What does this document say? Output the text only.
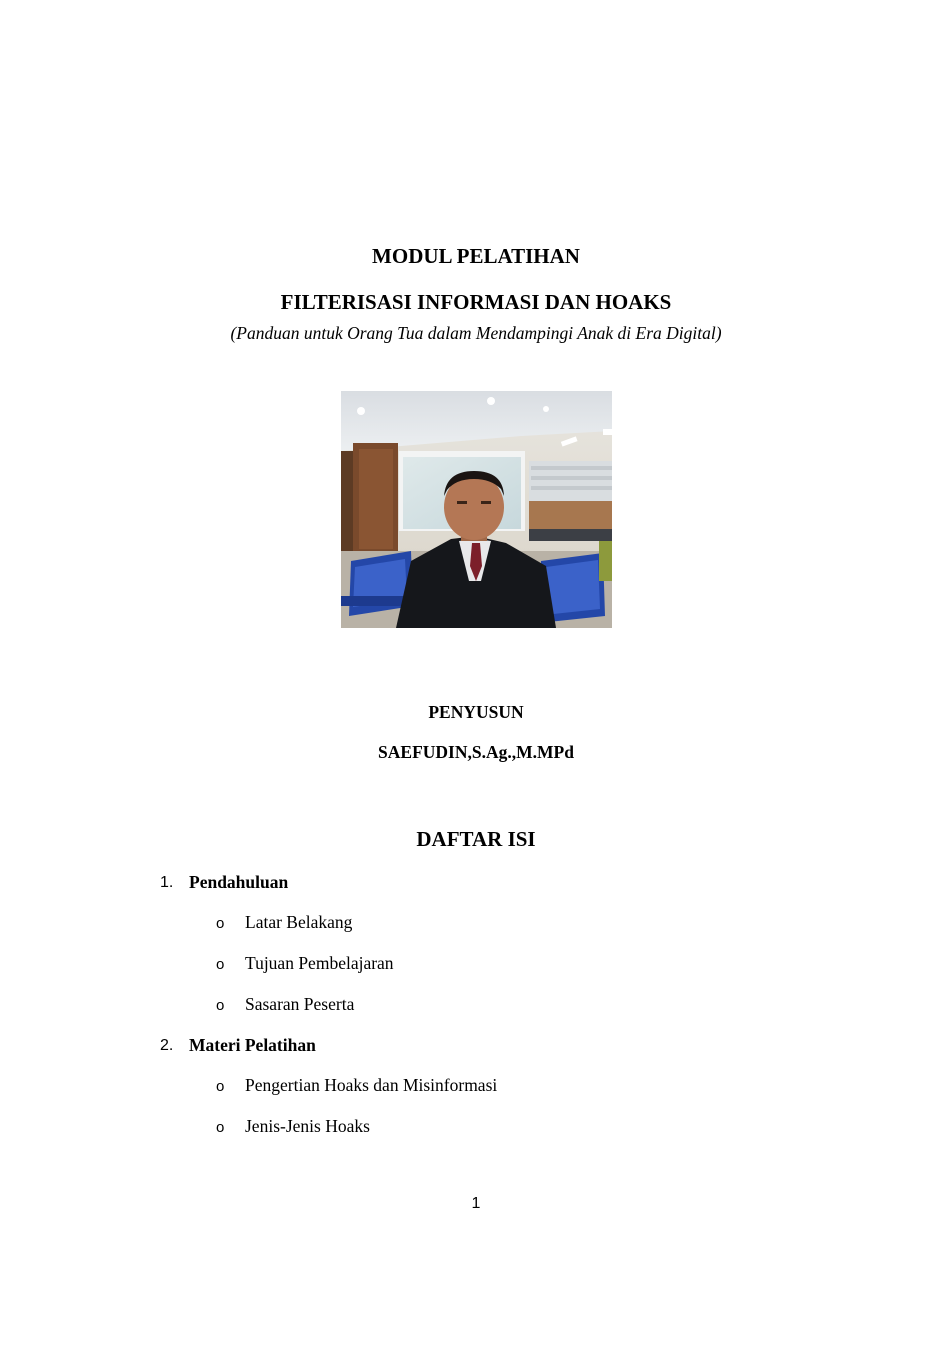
MODUL PELATIHAN
FILTERISASI INFORMASI DAN HOAKS
(Panduan untuk Orang Tua dalam Mendampingi Anak di Era Digital)
PENYUSUN
SAEFUDIN,S.Ag.,M.MPd
DAFTAR ISI
1. Pendahuluan
o Latar Belakang
o Tujuan Pembelajaran
o Sasaran Peserta
2. Materi Pelatihan
o Pengertian Hoaks dan Misinformasi
o Jenis-Jenis Hoaks
1
